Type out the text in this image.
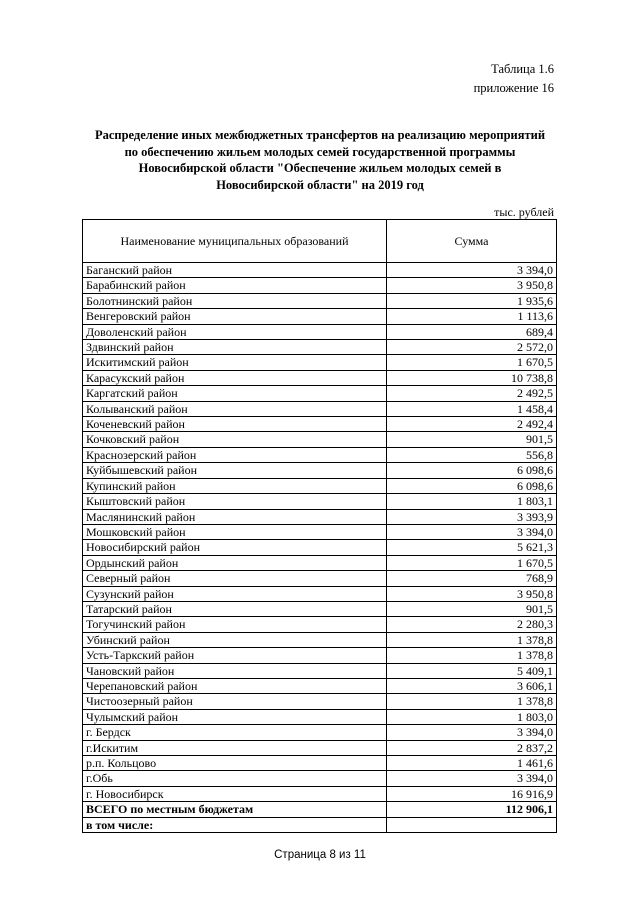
Таблица 1.6
приложение 16
Распределение иных межбюджетных трансфертов на реализацию мероприятий
по обеспечению жильем молодых семей государственной программы
Новосибирской области "Обеспечение жильем молодых семей в
Новосибирской области" на 2019 год
тыс. рублей
Наименование муниципальных образований	Сумма
Баганский район	3 394,0
Барабинский район	3 950,8
Болотнинский район	1 935,6
Венгеровский район	1 113,6
Доволенский район	689,4
Здвинский район	2 572,0
Искитимский район	1 670,5
Карасукский район	10 738,8
Каргатский район	2 492,5
Колыванский район	1 458,4
Коченевский район	2 492,4
Кочковский район	901,5
Краснозерский район	556,8
Куйбышевский район	6 098,6
Купинский район	6 098,6
Кыштовский район	1 803,1
Маслянинский район	3 393,9
Мошковский район	3 394,0
Новосибирский район	5 621,3
Ордынский район	1 670,5
Северный район	768,9
Сузунский район	3 950,8
Татарский район	901,5
Тогучинский район	2 280,3
Убинский район	1 378,8
Усть-Таркский район	1 378,8
Чановский район	5 409,1
Черепановский район	3 606,1
Чистоозерный район	1 378,8
Чулымский район	1 803,0
г. Бердск	3 394,0
г.Искитим	2 837,2
р.п. Кольцово	1 461,6
г.Обь	3 394,0
г. Новосибирск	16 916,9
ВСЕГО по местным бюджетам	112 906,1
в том числе:	
Страница 8 из 11
